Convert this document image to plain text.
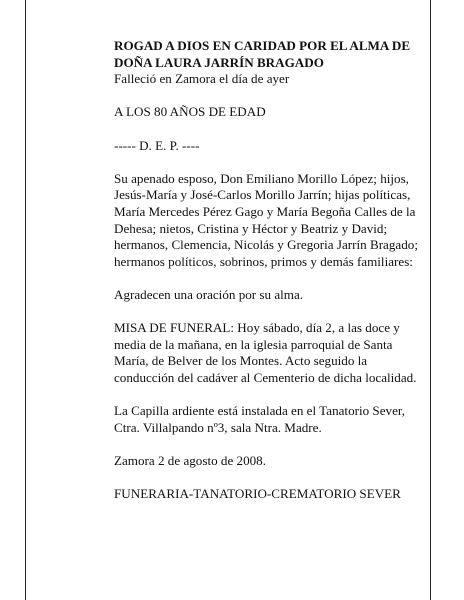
ROGAD A DIOS EN CARIDAD POR EL ALMA DE

DOÑA LAURA JARRÍN BRAGADO

Falleció en Zamora el día de ayer

A LOS 80 AÑOS DE EDAD

----- D. E. P. ----

Su apenado esposo, Don Emiliano Morillo López; hijos, Jesús-María y José-Carlos Morillo Jarrín; hijas políticas, María Mercedes Pérez Gago y María Begoña Calles de la Dehesa; nietos, Cristina y Héctor y Beatriz y David; hermanos, Clemencia, Nicolás y Gregoria Jarrín Bragado; hermanos políticos, sobrinos, primos y demás familiares:

Agradecen una oración por su alma.

MISA DE FUNERAL: Hoy sábado, día 2, a las doce y media de la mañana, en la iglesia parroquial de Santa María, de Belver de los Montes. Acto seguido la conducción del cadáver al Cementerio de dicha localidad.

La Capilla ardiente está instalada en el Tanatorio Sever, Ctra. Villalpando nº3, sala Ntra. Madre.

Zamora 2 de agosto de 2008.

FUNERARIA-TANATORIO-CREMATORIO SEVER
